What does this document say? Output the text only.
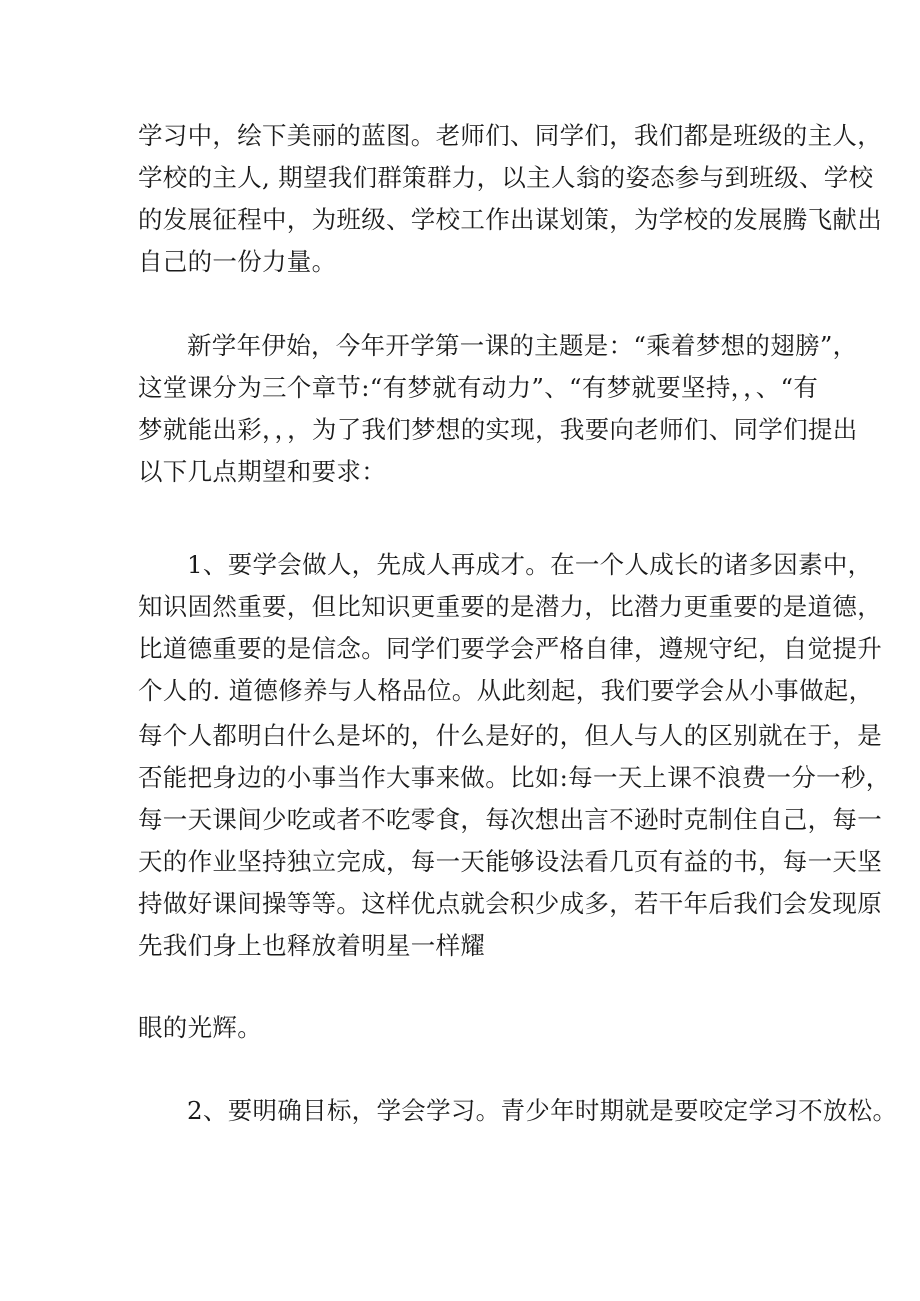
学习中，绘下美丽的蓝图。老师们、同学们，我们都是班级的主人，

学校的主人, 期望我们群策群力，以主人翁的姿态参与到班级、学校

的发展征程中，为班级、学校工作出谋划策，为学校的发展腾飞献出

自己的一份力量。

新学年伊始，今年开学第一课的主题是：“乘着梦想的翅膀”，

这堂课分为三个章节:“有梦就有动力”、“有梦就要坚持，，、“有

梦就能出彩，，，为了我们梦想的实现，我要向老师们、同学们提出

以下几点期望和要求：

1、要学会做人，先成人再成才。在一个人成长的诸多因素中，

知识固然重要，但比知识更重要的是潜力，比潜力更重要的是道德，

比道德重要的是信念。同学们要学会严格自律，遵规守纪，自觉提升

个人的. 道德修养与人格品位。从此刻起，我们要学会从小事做起，

每个人都明白什么是坏的，什么是好的，但人与人的区别就在于，是

否能把身边的小事当作大事来做。比如:每一天上课不浪费一分一秒，

每一天课间少吃或者不吃零食，每次想出言不逊时克制住自己，每一

天的作业坚持独立完成，每一天能够设法看几页有益的书，每一天坚

持做好课间操等等。这样优点就会积少成多，若干年后我们会发现原

先我们身上也释放着明星一样耀

眼的光辉。

2、要明确目标，学会学习。青少年时期就是要咬定学习不放松。
